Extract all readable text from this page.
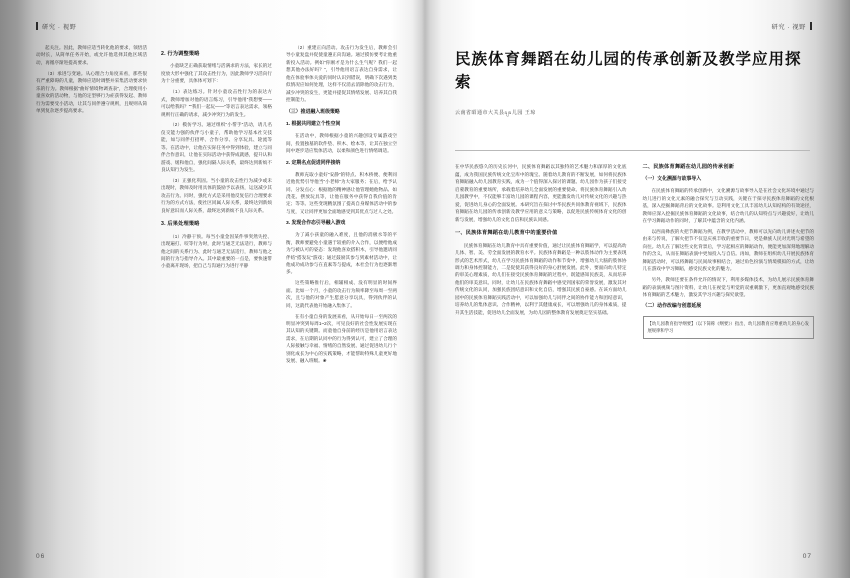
研究 · 视野

起关注。因此，教师应适当转化他的要求，领悟活动时长，从简单任务开始，或允许他选择其他区域活动，再循序渐进提高要求。

（3）承进与变通。从心理合力角度来看，那些很有严重障碍的儿童，教师应适时调整并采集活动要求快乐的行为。教师根据“曲好情境物调查表”，合理使用小童喜欢的活动物，与他的定型够行为症获得发起、教师行为需要受小活动，让其与同伴遵守规则，且规则从简单到复杂逐步提高要求。

2. 行为调整策略

小童缺乏正确获取情绪与活满求的方法，家长的过度放大形中强化了其攻击性行为，因此教师学习活向行为十分重要，具体体可划下：

（1）表达练习。针对小童攻击性行为的表达方式，教师增加对他的语言练习，引导他用“我想要——可以给我吗？”“我们一起玩——”等语言表达需求，领格规则行正确的请求，减少冲突行为的发生。

（2）模仿学习。通过组织“小帮手”活动，请儿名仪交能力强的伙伴与小童子，帮助他学习基本社交技能，如与同伴打招呼、合作分享、分享玩具、轮流等等。在活动中，让他在实际任务中得到体验，建立与同伴合作意识，让他在实际活动中获得成就感，提升认和游戏、缓和他自，强化间隔人际关系，最终达到新烦不良认知行为发生。

（3）正强化巩固。当小童的攻击性行为减少或未出现时，教师及时用具体的鼓励予以表扬，运送减少其攻击行为。同时，强化方式是采用他反复信行合理要求行为的方式方法，使社区同属人际关系，最终达到新烦良好意识而人际关系，最终达到新烦不良人际关系。

3. 后果处理策略

（1）冷静干预。每当小童金因某件事突然失控、出现遍打、咬等行为时，此时与通乏无法适行，教师与他之间的关系行为、此时与通乏无法适行，教师与他之间的行为与指导介入。其中最重要的一点是，要快速带小童离开现场，把自己与沟通行为进行平静

（2）重建正向活动。攻击行为发生后，教师会引导小童复盘并促使童遵正向沟通。通过摸仿要考让他重新投入活动。例如“你刚才是为什么生气呢？我们一起想其他办法好吗？”，引导他用语言表达自身需求，让他在体验事体关爱的同时认识到错误，明确下次遇到类似情况应如何处理，这样不仅消去消除他的攻击行为，减少冲突的发生，更能并提促其情绪发展、培养其自我控制能力。

（三）推进融入班级策略

1. 根据共同建立个性空间

在活动中，教师根据小童的兴趣创设专属游戏空间，投置独墓的软件垫、积木、绘本等，让其在独立空间中逐步适应集体活动，以柔和颜色进行情绪调适。

2. 定期名点促进同伴接纳

教师充取小童好“安静”的特点、积木桥便、便利同近他优势引导他当“小老师”为大家服务；在后，给予认同、分发点心：根据他的精神感让他管理她他物品、如浇花、摆放玩具等，让他在服务中获得自我价值的肯定；等等。这些变现精氛围了提高自身媒体活动中的参与度，又让同伴更加全面地感受到其优点与过人之处。

3. 发现合作态引导融入游戏

为了减小孩童的融入难度，且他的消极水等的平衡，教师要避免小童遇于较重的介入合作，以便给他成为与被认可的姿态：发现他喜欢搭积木，引导他邀请同伴结“搭发玩”游戏；通过鼓励其参与到素材活动中，让他成功成功参与在直素等与提成，本社会行为也逐渐增多。

这些策略推行后，相辅相成、没有明显的时间界面。比如一个月，小童的攻击行为频率降至每周一至两次，且与他的对象产生愿意分享玩具，得到伙伴的认同，这就代表他开始融入集体了。

在有小童自身的发展来看，从开始每日一至两次的明显冲突到每周1~2次，可见良好的社会性发展实现在其认知的关键期。而童他自身前的经历是他用语言表达需求，在后期的认同中的行为得到认可，建立了合理的人际接触与幸福、情绪的自然发展、通过促进幼儿行个别化成长为中心的实践策略，才能帮助特殊儿童更好地发展、融入班级。❀

06
研究 · 视野
民族体育舞蹈在幼儿园的传承创新及教学应用探索
云南省昭通市大关县ချခ儿园 王琼

在中华民族悠久的历史长河中，民族体育舞蹈以其独特的艺术魅力和深厚的文化底蕴，成为我国民族传统文化宝库中的瑰宝。随着幼儿教育的不断发展，如何将民族体育舞蹈融入幼儿园教育实践，成为一个值得深入探讨的课题。幼儿园作为孩子们接受启蒙教育的重要场所，承载着培养幼儿全面发展的重要使命。将民族体育舞蹈引入幼儿园教学中，不仅能够丰富幼儿园的课程内容，更能激发幼儿对传统文化的兴趣与热爱，促进幼儿身心的全面发展。本研究旨在探讨中华民族共同体教育视域下，民族体育舞蹈在幼儿园的传承创新及教学应用的意义与策略，以促进民族传统体育文化的创新与发展，增强幼儿的文化自信和民族认同感。

一、民族体育舞蹈在幼儿教育中的重要价值

民族体育舞蹈在幼儿教育中具有重要价值，通过让民族体育舞蹈学，可以提高幼儿体、智、美、劳全面发展的教育水平。民族体育舞蹈是一种以肢体动作为主要表现形式的艺术形式，幼儿在学习民族体育舞蹈的动作和节奏中，增强幼儿大脑的肢体协调力和身体控制能力，二是促使其获得良好的身心舒展发展。此外，要面向幼儿特定的审美心理素质，幼儿们在接受民族体育舞蹈的过程中，既能感知民族美，从而培养他们的审美意识。同时，让幼儿在民族体育舞蹈中感受到国家的荣誉发展，激发其对传统文化的认同，加强民族团结意识和文化自信，增强其民族自豪感。在该方面幼儿园中的民族体育舞蹈实践活动中，可以加强幼儿与同伴之间的协作能力和团结意识，培养幼儿的集体意识、合作精神，以利于其健康成长，可以增强幼儿的身体素质，提升其生活技能，促进幼儿全面发展，为幼儿园的整体教育发展奠定坚实基础。

二、民族体育舞蹈在幼儿园的传承创新

（一）文化溯源与故事导入

在民族体育舞蹈的传承创新中，文化溯源与故事导入是在社会文化环境中通过与幼儿进行的文化元素的融合探究与互动实践，关键在于探寻民族体育舞蹈的文化根基，深入挖掘舞蹈背后的文化故事。是利用文化工具丰富幼儿认知结构的有效途径，教师应深入挖掘民族体育舞蹈的文化故事，结合幼儿的认知特点与兴趣爱好，让幼儿在学习舞蹈动作的同时，了解其中蕴含的文化内涵。

以西南彝族的火把节舞蹈为例，在教学活动中，教师可以先向幼儿讲述火把节的由来与传说，了解火把节不仅是庆祝丰收的重要节日，更是彝族人民对光明与希望的向往。幼儿在了解这些文化背景后，学习起相应的舞蹈动作，便能更加深刻地理解动作的含义，从而在舞蹈表演中更加投入与自信。再如，教师在组织幼儿开展民族体育舞蹈活动时，可以将舞蹈与民间故事相结合，通过角色扮演与情境模拟的方式，让幼儿在游戏中学习舞蹈，感受民族文化的魅力。

另外，教师还要在条件允许的情况下，利用多媒体技术，为幼儿展示民族体育舞蹈的表演视频与图片资料，让幼儿在视觉与听觉的双重刺激下，更加直观地感受民族体育舞蹈的艺术魅力，激发其学习兴趣与探究欲望。

（二）动作改编与创意延展

【幼儿园教育指导纲要】（以下简称《纲要》）指出，幼儿园教育应尊重幼儿的身心发展规律和学习
07
